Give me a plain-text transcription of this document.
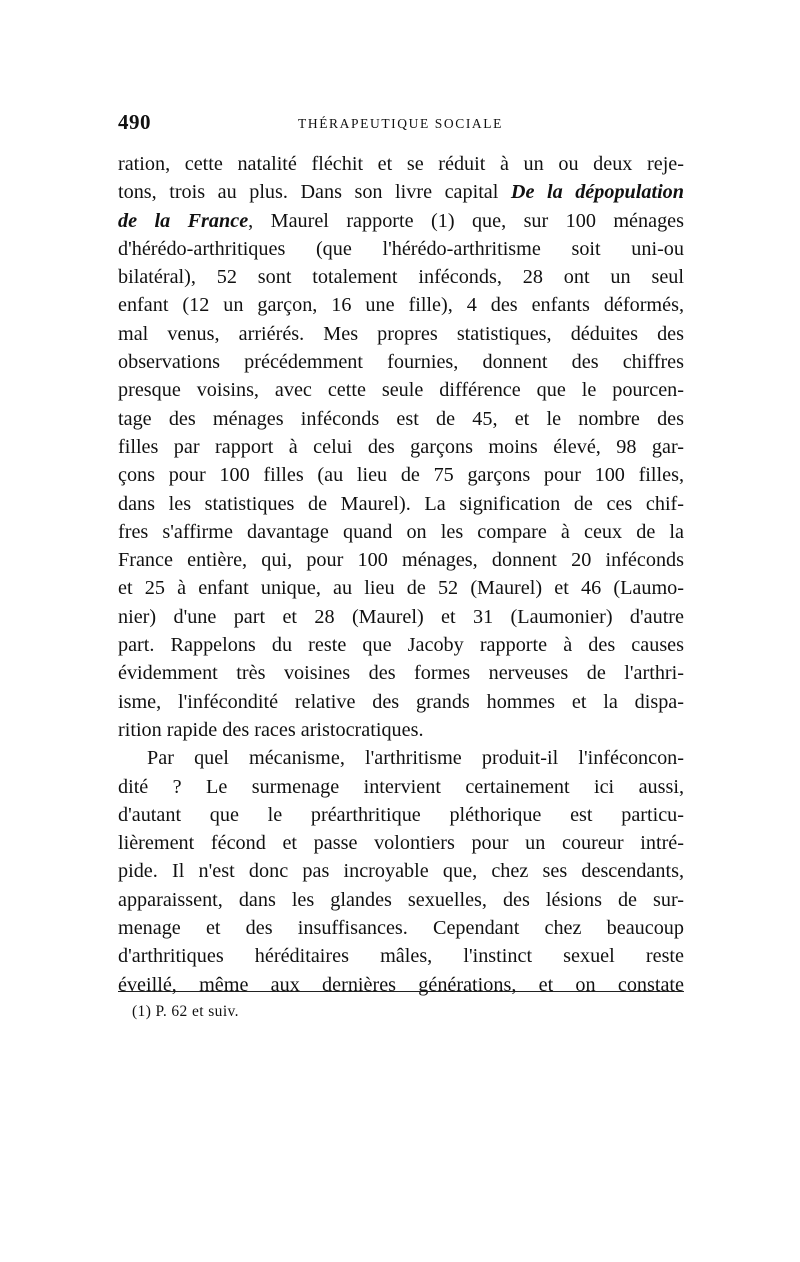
490	THÉRAPEUTIQUE SOCIALE
ration, cette natalité fléchit et se réduit à un ou deux reje-
tons, trois au plus. Dans son livre capital De la dépopulation
de la France, Maurel rapporte (1) que, sur 100 ménages
d'hérédo-arthritiques (que l'hérédo-arthritisme soit uni-ou
bilatéral), 52 sont totalement inféconds, 28 ont un seul
enfant (12 un garçon, 16 une fille), 4 des enfants déformés,
mal venus, arriérés. Mes propres statistiques, déduites des
observations précédemment fournies, donnent des chiffres
presque voisins, avec cette seule différence que le pourcen-
tage des ménages inféconds est de 45, et le nombre des
filles par rapport à celui des garçons moins élevé, 98 gar-
çons pour 100 filles (au lieu de 75 garçons pour 100 filles,
dans les statistiques de Maurel). La signification de ces chif-
fres s'affirme davantage quand on les compare à ceux de la
France entière, qui, pour 100 ménages, donnent 20 inféconds
et 25 à enfant unique, au lieu de 52 (Maurel) et 46 (Laumo-
nier) d'une part et 28 (Maurel) et 31 (Laumonier) d'autre
part. Rappelons du reste que Jacoby rapporte à des causes
évidemment très voisines des formes nerveuses de l'arthri-
isme, l'infécondité relative des grands hommes et la dispa-
rition rapide des races aristocratiques.
Par quel mécanisme, l'arthritisme produit-il l'inféconcon-
dité ? Le surmenage intervient certainement ici aussi,
d'autant que le préarthritique pléthorique est particu-
lièrement fécond et passe volontiers pour un coureur intré-
pide. Il n'est donc pas incroyable que, chez ses descendants,
apparaissent, dans les glandes sexuelles, des lésions de sur-
menage et des insuffisances. Cependant chez beaucoup
d'arthritiques héréditaires mâles, l'instinct sexuel reste
éveillé, même aux dernières générations, et on constate
(1) P. 62 et suiv.
